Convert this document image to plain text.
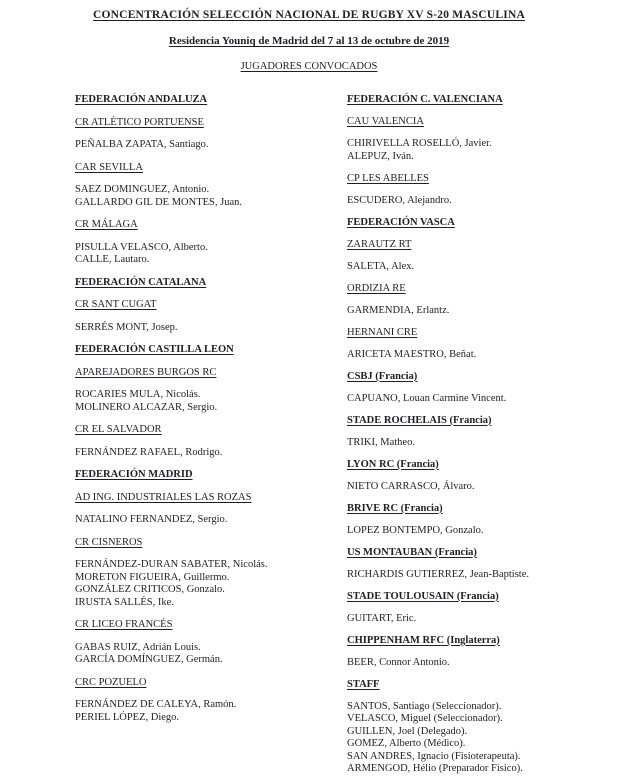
CONCENTRACIÓN SELECCIÓN NACIONAL DE RUGBY XV S-20 MASCULINA
Residencia Youniq de Madrid del 7 al 13 de octubre de 2019
JUGADORES CONVOCADOS
FEDERACIÓN ANDALUZA
CR ATLÉTICO PORTUENSE
PEÑALBA ZAPATA, Santiago.
CAR SEVILLA
SAEZ DOMINGUEZ, Antonio.
GALLARDO GIL DE MONTES, Juan.
CR MÁLAGA
PISULLA VELASCO, Alberto.
CALLE, Lautaro.
FEDERACIÓN CATALANA
CR SANT CUGAT
SERRÉS MONT, Josep.
FEDERACIÓN CASTILLA LEON
APAREJADORES BURGOS RC
ROCARIES MULA, Nicolás.
MOLINERO ALCAZAR, Sergio.
CR EL SALVADOR
FERNÁNDEZ RAFAEL, Rodrigo.
FEDERACIÓN MADRID
AD ING. INDUSTRIALES LAS ROZAS
NATALINO FERNANDEZ, Sergio.
CR CISNEROS
FERNÁNDEZ-DURAN SABATER, Nicolás.
MORETON FIGUEIRA, Guillermo.
GONZÁLEZ CRITICOS, Gonzalo.
IRUSTA SALLÉS, Ike.
CR LICEO FRANCÉS
GABAS RUIZ, Adrián Louis.
GARCÍA DOMÍNGUEZ, Germán.
CRC POZUELO
FERNÁNDEZ DE CALEYA, Ramón.
PERIEL LÓPEZ, Diego.
FEDERACIÓN C. VALENCIANA
CAU VALENCIA
CHIRIVELLA ROSELLÓ, Javier.
ALEPUZ, Iván.
CP LES ABELLES
ESCUDERO, Alejandro.
FEDERACIÓN VASCA
ZARAUTZ RT
SALETA, Alex.
ORDIZIA RE
GARMENDIA, Erlantz.
HERNANI CRE
ARICETA MAESTRO, Beñat.
CSBJ (Francia)
CAPUANO, Louan Carmine Vincent.
STADE ROCHELAIS (Francia)
TRIKI, Matheo.
LYON RC (Francia)
NIETO CARRASCO, Álvaro.
BRIVE RC (Francia)
LOPEZ BONTEMPO, Gonzalo.
US MONTAUBAN (Francia)
RICHARDIS GUTIERREZ, Jean-Baptiste.
STADE TOULOUSAIN (Francia)
GUITART, Eric.
CHIPPENHAM RFC (Inglaterra)
BEER, Connor Antonio.
STAFF
SANTOS, Santiago (Seleccionador).
VELASCO, Miguel (Seleccionador).
GUILLEN, Joel (Delegado).
GOMEZ, Alberto (Médico).
SAN ANDRES, Ignacio (Fisioterapeuta).
ARMENGOD, Hélio (Preparador Físico).
